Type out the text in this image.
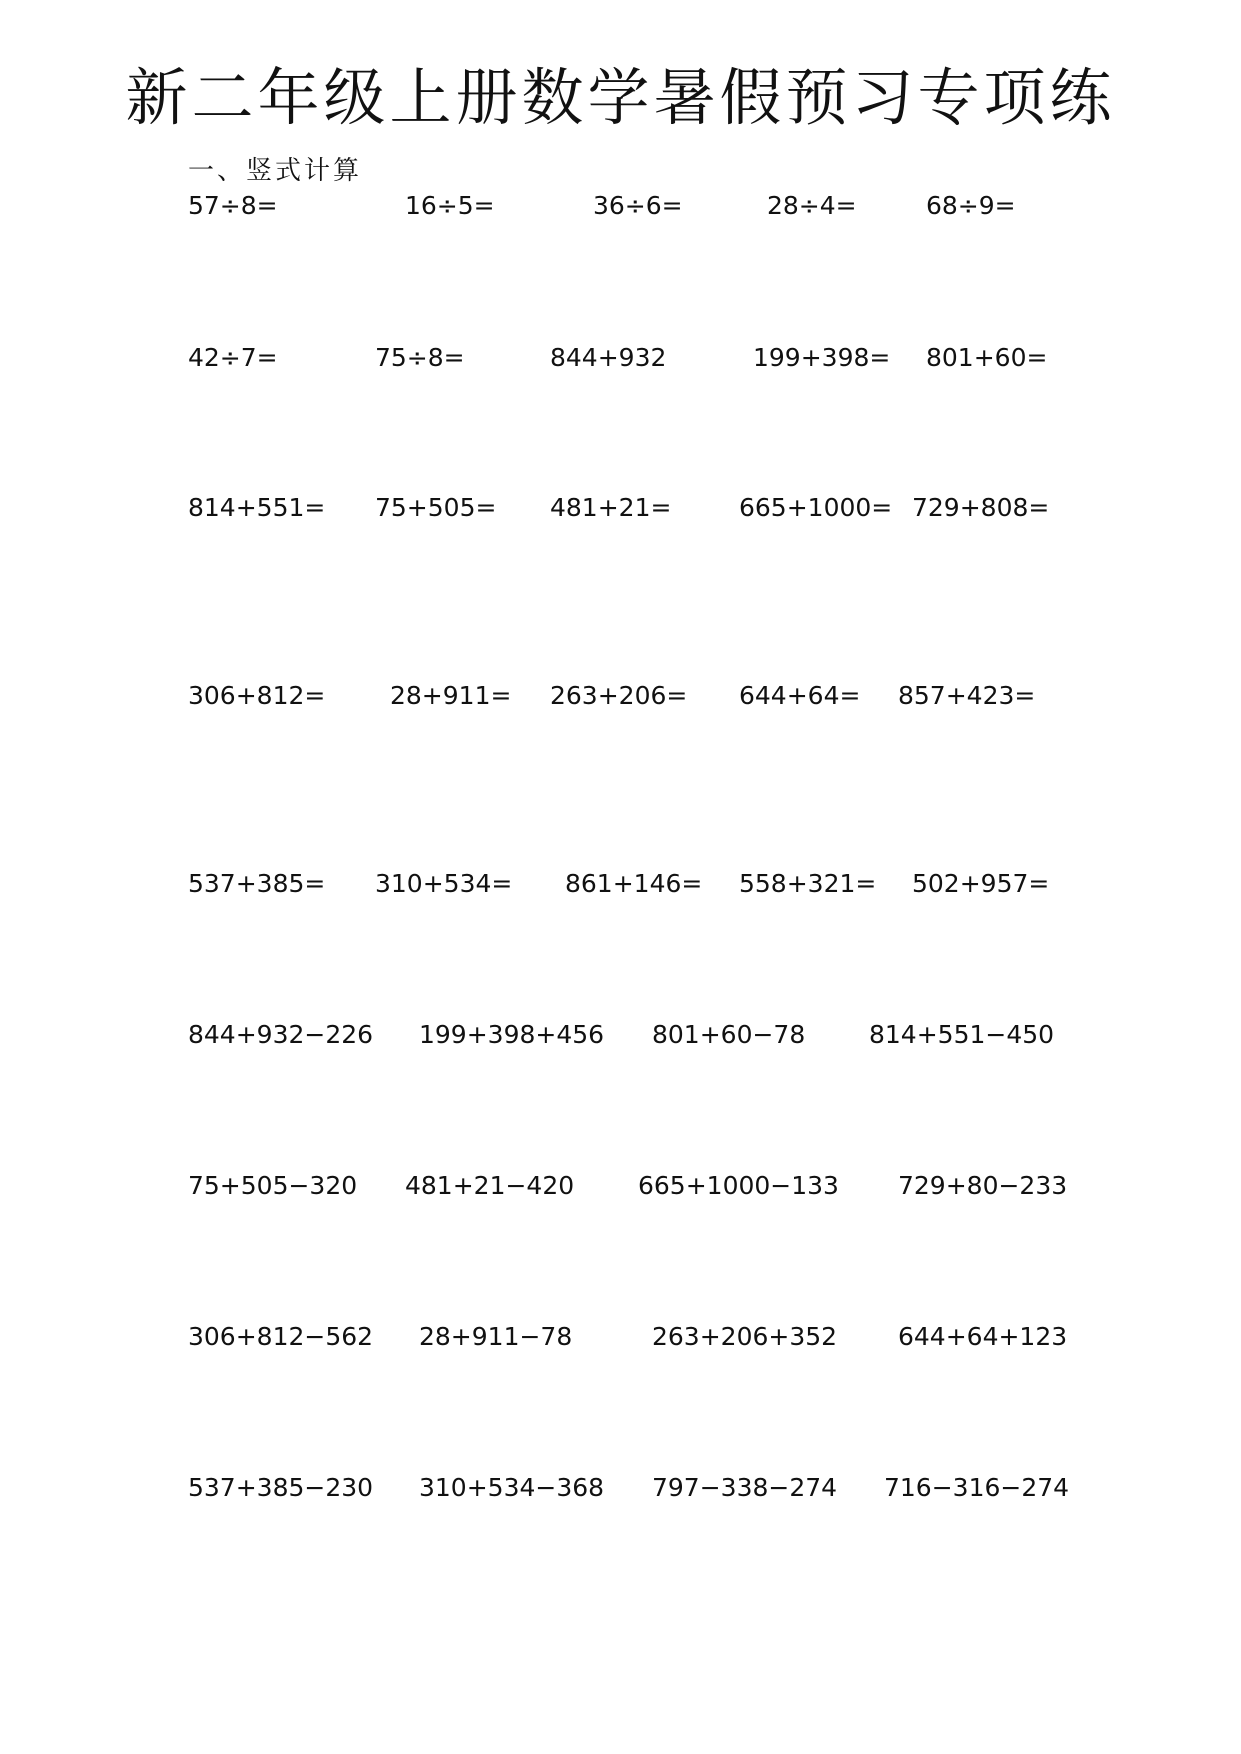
新二年级上册数学暑假预习专项练
一、竖式计算
57÷8=	16÷5=	36÷6=	28÷4=	68÷9=
42÷7=	75÷8=	844+932	199+398= 801+60=
814+551= 75+505= 481+21=	665+1000= 729+808=
306+812=	28+911= 263+206= 644+64= 857+423=
537+385= 310+534= 861+146= 558+321= 502+957=
844+932−226 199+398+456 801+60−78	814+551−450
75+505−320 481+21−420	665+1000−133 729+80−233
306+812−562 28+911−78	263+206+352 644+64+123
537+385−230 310+534−368 797−338−274 716−316−274
